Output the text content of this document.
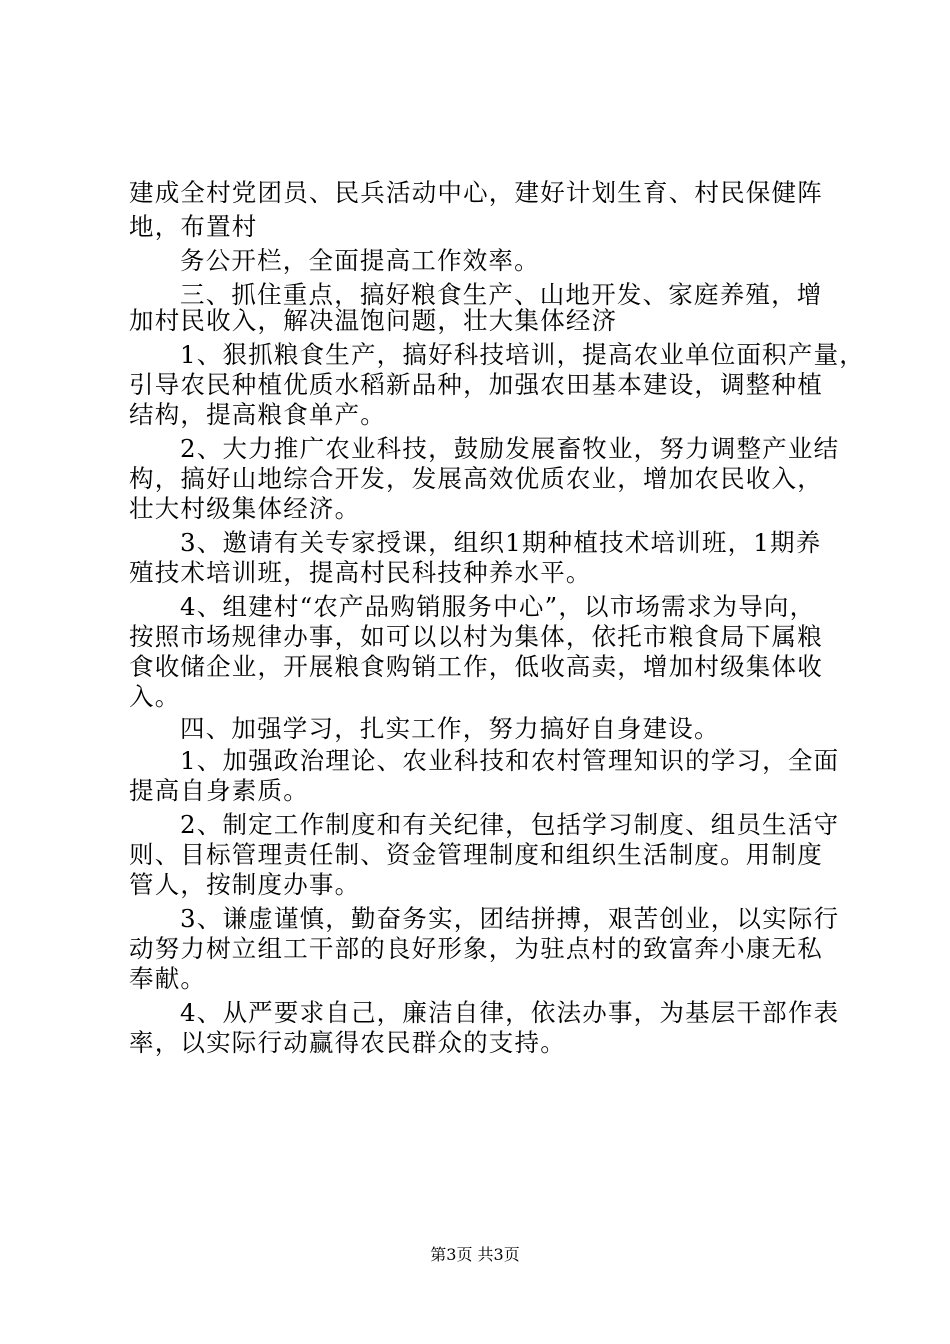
建成全村党团员、民兵活动中心，建好计划生育、村民保健阵
地，布置村
务公开栏，全面提高工作效率。
三、抓住重点，搞好粮食生产、山地开发、家庭养殖，增
加村民收入，解决温饱问题，壮大集体经济
1、狠抓粮食生产，搞好科技培训，提高农业单位面积产量，
引导农民种植优质水稻新品种，加强农田基本建设，调整种植
结构，提高粮食单产。
2、大力推广农业科技，鼓励发展畜牧业，努力调整产业结
构，搞好山地综合开发，发展高效优质农业，增加农民收入，
壮大村级集体经济。
3、邀请有关专家授课，组织1期种植技术培训班，1期养
殖技术培训班，提高村民科技种养水平。
4、组建村“农产品购销服务中心”，以市场需求为导向，
按照市场规律办事，如可以以村为集体，依托市粮食局下属粮
食收储企业，开展粮食购销工作，低收高卖，增加村级集体收
入。
四、加强学习，扎实工作，努力搞好自身建设。
1、加强政治理论、农业科技和农村管理知识的学习，全面
提高自身素质。
2、制定工作制度和有关纪律，包括学习制度、组员生活守
则、目标管理责任制、资金管理制度和组织生活制度。用制度
管人，按制度办事。
3、谦虚谨慎，勤奋务实，团结拼搏，艰苦创业，以实际行
动努力树立组工干部的良好形象，为驻点村的致富奔小康无私
奉献。
4、从严要求自己，廉洁自律，依法办事，为基层干部作表
率，以实际行动赢得农民群众的支持。
第3页 共3页
